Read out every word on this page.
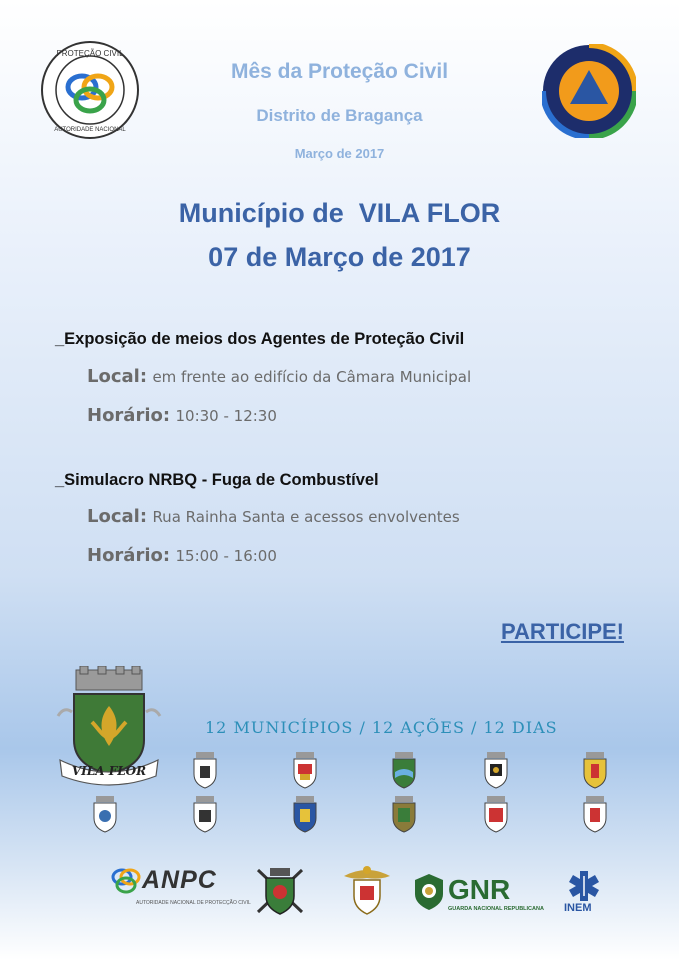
PROTEÇÃO CIVIL
AUTORIDADE NACIONAL
Mês da Proteção Civil
Distrito de Bragança
Março de 2017
Município de  VILA FLOR
07 de Março de 2017
_Exposição de meios dos Agentes de Proteção Civil
Local: em frente ao edifício da Câmara Municipal
Horário: 10:30 - 12:30
_Simulacro NRBQ - Fuga de Combustível
Local: Rua Rainha Santa e acessos envolventes
Horário: 15:00 - 16:00
PARTICIPE!
VILA FLOR
12 MUNICÍPIOS / 12 AÇÕES / 12 DIAS
ANPC
AUTORIDADE NACIONAL DE PROTECÇÃO CIVIL	GNR
GUARDA NACIONAL REPUBLICANA INEM
